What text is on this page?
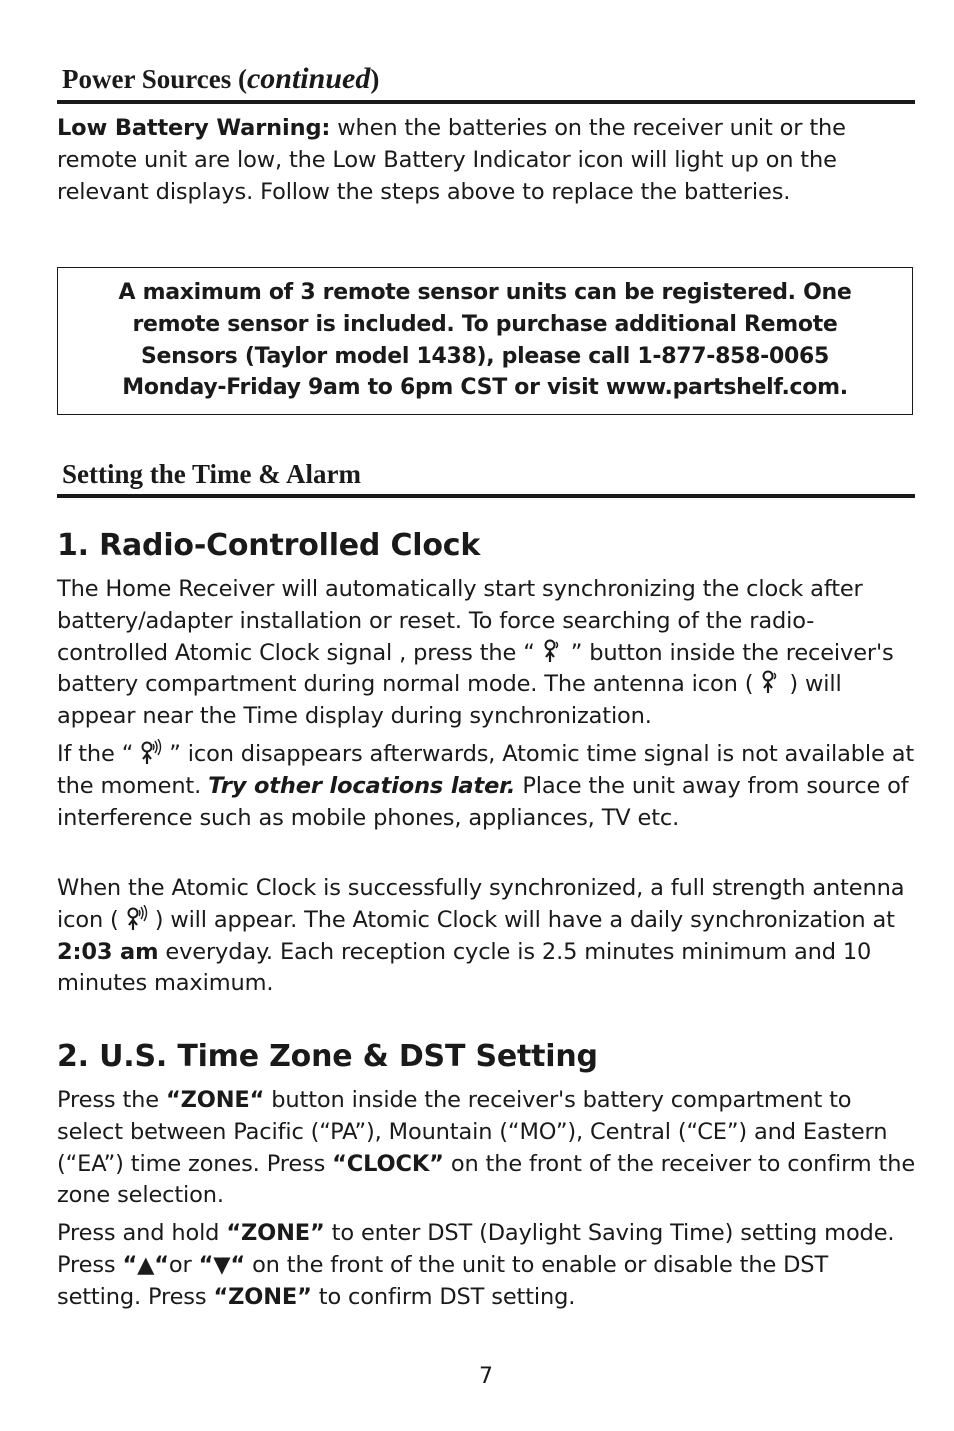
Power Sources (continued)
Low Battery Warning: when the batteries on the receiver unit or the remote unit are low, the Low Battery Indicator icon will light up on the relevant displays. Follow the steps above to replace the batteries.

A maximum of 3 remote sensor units can be registered. One
remote sensor is included. To purchase additional Remote
Sensors (Taylor model 1438), please call 1-877-858-0065
Monday-Friday 9am to 6pm CST or visit www.partshelf.com.

Setting the Time & Alarm
1. Radio-Controlled Clock
The Home Receiver will automatically start synchronizing the clock after battery/adapter installation or reset. To force searching of the radio-controlled Atomic Clock signal , press the “
” button inside the receiver's battery compartment during normal mode. The antenna icon (
) will appear near the Time display during synchronization.
If the “
” icon disappears afterwards, Atomic time signal is not available at the moment. Try other locations later. Place the unit away from source of interference such as mobile phones, appliances, TV etc.
When the Atomic Clock is successfully synchronized, a full strength antenna icon (
) will appear. The Atomic Clock will have a daily synchronization at 2:03 am everyday. Each reception cycle is 2.5 minutes minimum and 10 minutes maximum.
2. U.S. Time Zone & DST Setting
Press the “ZONE“ button inside the receiver's battery compartment to select between Pacific (“PA”), Mountain (“MO”), Central (“CE”) and Eastern (“EA”) time zones. Press “CLOCK” on the front of the receiver to confirm the zone selection.
Press and hold “ZONE” to enter DST (Daylight Saving Time) setting mode. Press “▲“or “▼“ on the front of the unit to enable or disable the DST setting. Press “ZONE” to confirm DST setting.
7
